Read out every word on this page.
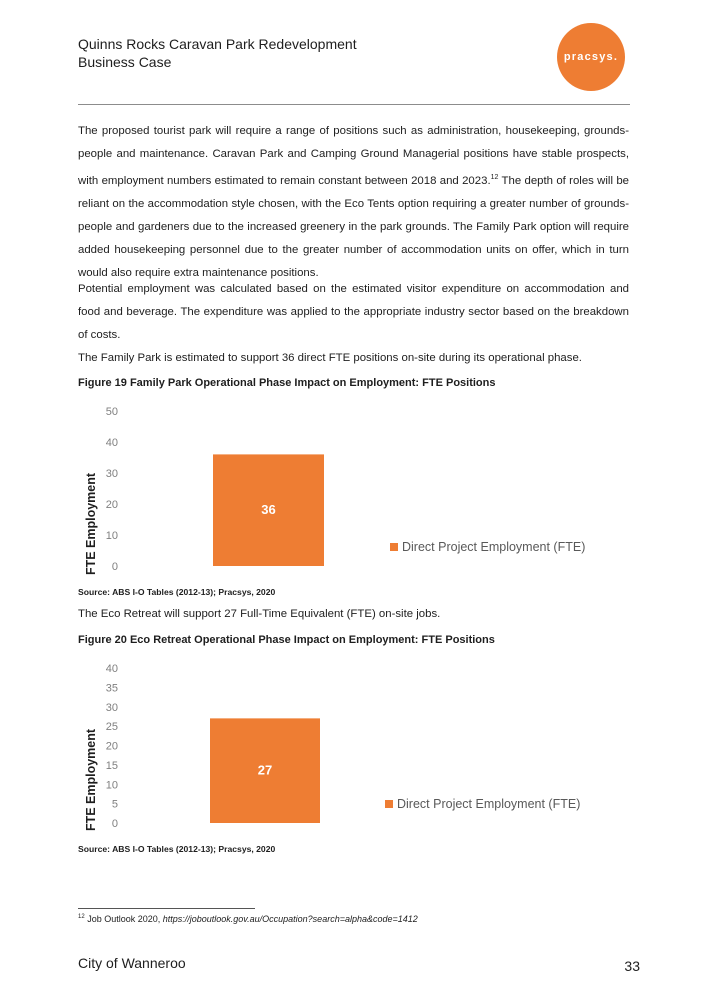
Quinns Rocks Caravan Park Redevelopment
Business Case	pracsys.

The proposed tourist park will require a range of positions such as administration, housekeeping, grounds-people and maintenance. Caravan Park and Camping Ground Managerial positions have stable prospects, with employment numbers estimated to remain constant between 2018 and 2023.12 The depth of roles will be reliant on the accommodation style chosen, with the Eco Tents option requiring a greater number of grounds-people and gardeners due to the increased greenery in the park grounds. The Family Park option will require added housekeeping personnel due to the greater number of accommodation units on offer, which in turn would also require extra maintenance positions.

Potential employment was calculated based on the estimated visitor expenditure on accommodation and food and beverage. The expenditure was applied to the appropriate industry sector based on the breakdown of costs.

The Family Park is estimated to support 36 direct FTE positions on-site during its operational phase.

Figure 19 Family Park Operational Phase Impact on Employment: FTE Positions
0
10
20
30
40
50
FTE Employment	36
Direct Project Employment (FTE)
Source: ABS I-O Tables (2012-13); Pracsys, 2020

The Eco Retreat will support 27 Full-Time Equivalent (FTE) on-site jobs.

Figure 20 Eco Retreat Operational Phase Impact on Employment: FTE Positions
0
5
10
15
20
25
30
35
40
FTE Employment	27
Direct Project Employment (FTE)
Source: ABS I-O Tables (2012-13); Pracsys, 2020
$^{12}$ Job Outlook 2020, https://joboutlook.gov.au/Occupation?search=alpha&code=1412
City of Wanneroo	33
